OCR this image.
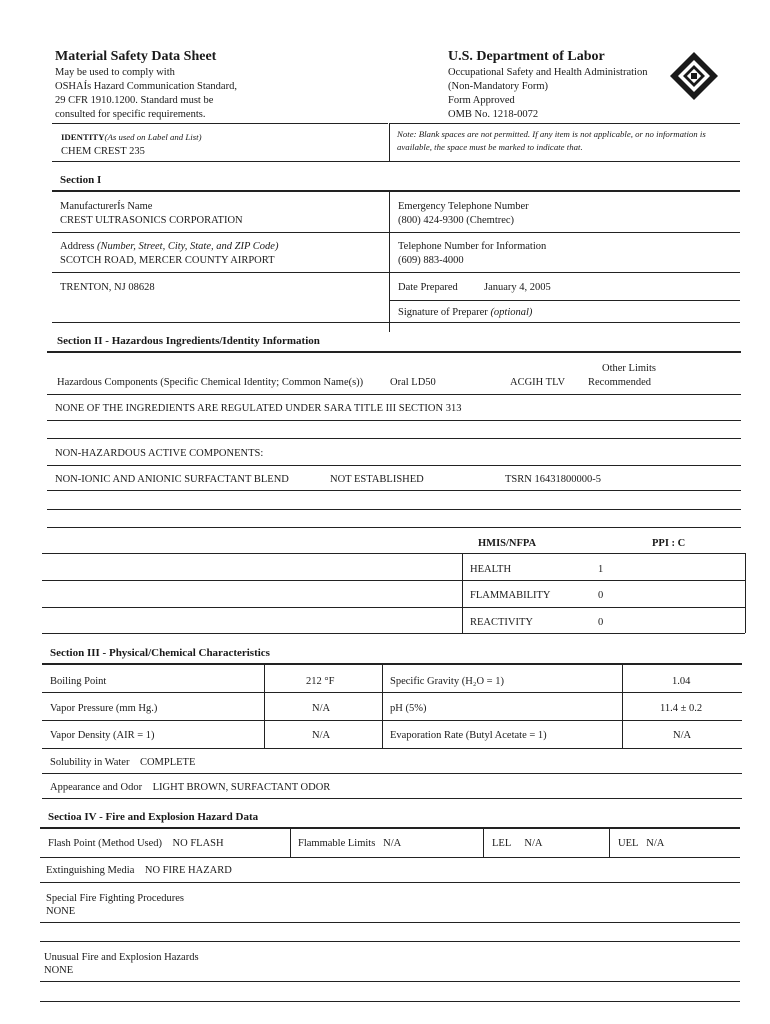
Material Safety Data Sheet
May be used to comply with
OSHAÍs Hazard Communication Standard,
29 CFR 1910.1200. Standard must be
consulted for specific requirements.
U.S. Department of Labor
Occupational Safety and Health Administration
(Non-Mandatory Form)
Form Approved
OMB No. 1218-0072
IDENTITY(As used on Label and List)
CHEM CREST 235
Note: Blank spaces are not permitted. If any item is not applicable, or no information is
available, the space must be marked to indicate that.
Section I
ManufacturerÍs Name
CREST ULTRASONICS CORPORATION
Emergency Telephone Number
(800) 424-9300 (Chemtrec)
Address (Number, Street, City, State, and ZIP Code)
SCOTCH ROAD, MERCER COUNTY AIRPORT
Telephone Number for Information
(609) 883-4000
TRENTON, NJ 08628	Date Prepared January 4, 2005
Signature of Preparer (optional)
Section II - Hazardous Ingredients/Identity Information
Other Limits
Recommended
Hazardous Components (Specific Chemical Identity; Common Name(s))	Oral LD50	ACGIH TLV
NONE OF THE INGREDIENTS ARE REGULATED UNDER SARA TITLE III SECTION 313
NON-HAZARDOUS ACTIVE COMPONENTS:
NON-IONIC AND ANIONIC SURFACTANT BLEND	NOT ESTABLISHED	TSRN 16431800000-5
HMIS/NFPA	PPI : C
HEALTH	1
FLAMMABILITY	0
REACTIVITY	0
Section III - Physical/Chemical Characteristics
Boiling Point	212 °F	Specific Gravity (H₂O = 1)	1.04
Vapor Pressure (mm Hg.)	N/A	pH (5%)	11.4 ± 0.2
Vapor Density (AIR = 1)	N/A	Evaporation Rate (Butyl Acetate = 1)	N/A
Solubility in Water COMPLETE
Appearance and Odor LIGHT BROWN, SURFACTANT ODOR
Sectioa IV - Fire and Explosion Hazard Data
Flash Point (Method Used) NO FLASH	Flammable Limits N/A	LEL N/A	UEL N/A
Extinguishing Media NO FIRE HAZARD
Special Fire Fighting Procedures
NONE
Unusual Fire and Explosion Hazards
NONE
